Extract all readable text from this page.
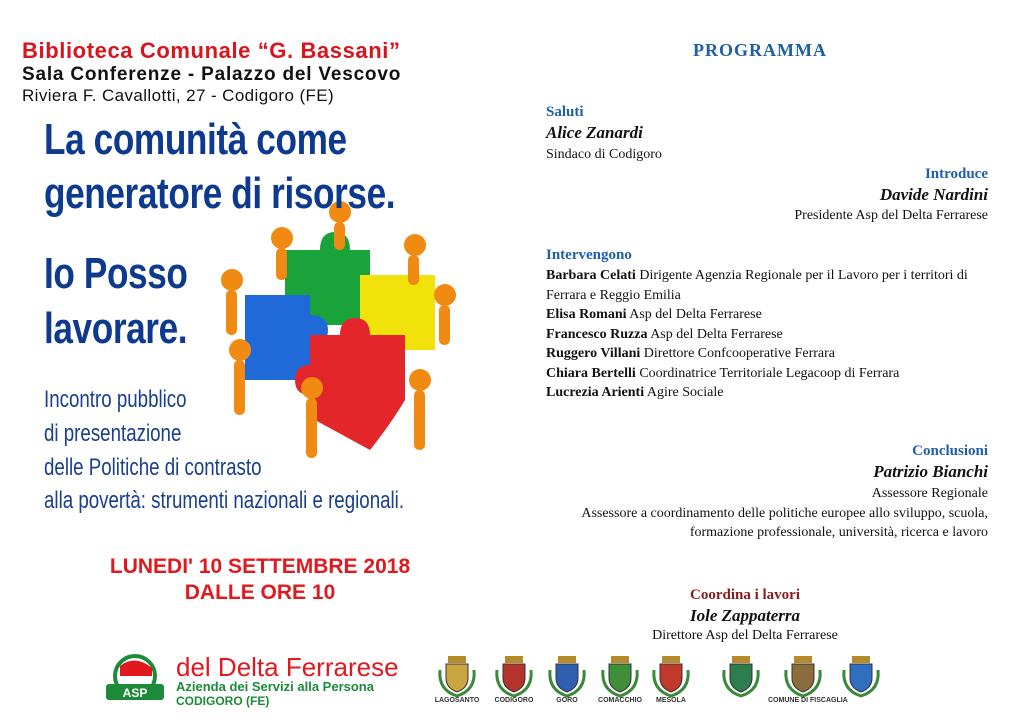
Biblioteca Comunale “G. Bassani”
Sala Conferenze - Palazzo del Vescovo
Riviera F. Cavallotti, 27 - Codigoro (FE)
La comunità come
generatore di risorse.
Io Posso
lavorare.
Incontro pubblico
di presentazione
delle Politiche di contrasto
alla povertà: strumenti nazionali e regionali.
LUNEDI' 10 SETTEMBRE 2018
DALLE ORE 10
PROGRAMMA
Saluti
Alice Zanardi
Sindaco di Codigoro
Introduce
Davide Nardini
Presidente Asp del Delta Ferrarese
Intervengono
Barbara Celati Dirigente Agenzia Regionale per il Lavoro per i territori di Ferrara e Reggio Emilia
Elisa Romani Asp del Delta Ferrarese
Francesco Ruzza Asp del Delta Ferrarese
Ruggero Villani Direttore Confcooperative Ferrara
Chiara Bertelli Coordinatrice Territoriale Legacoop di Ferrara
Lucrezia Arienti Agire Sociale
Conclusioni
Patrizio Bianchi
Assessore Regionale
Assessore a coordinamento delle politiche europee allo sviluppo, scuola, formazione professionale, università, ricerca e lavoro
Coordina i lavori
Iole Zappaterra
Direttore Asp del Delta Ferrarese
ASP
del Delta Ferrarese
Azienda dei Servizi alla Persona
CODIGORO (FE)	LAGOSANTO	CODIGORO	GORO	COMACCHIO	MESOLA	COMUNE DI FISCAGLIA
